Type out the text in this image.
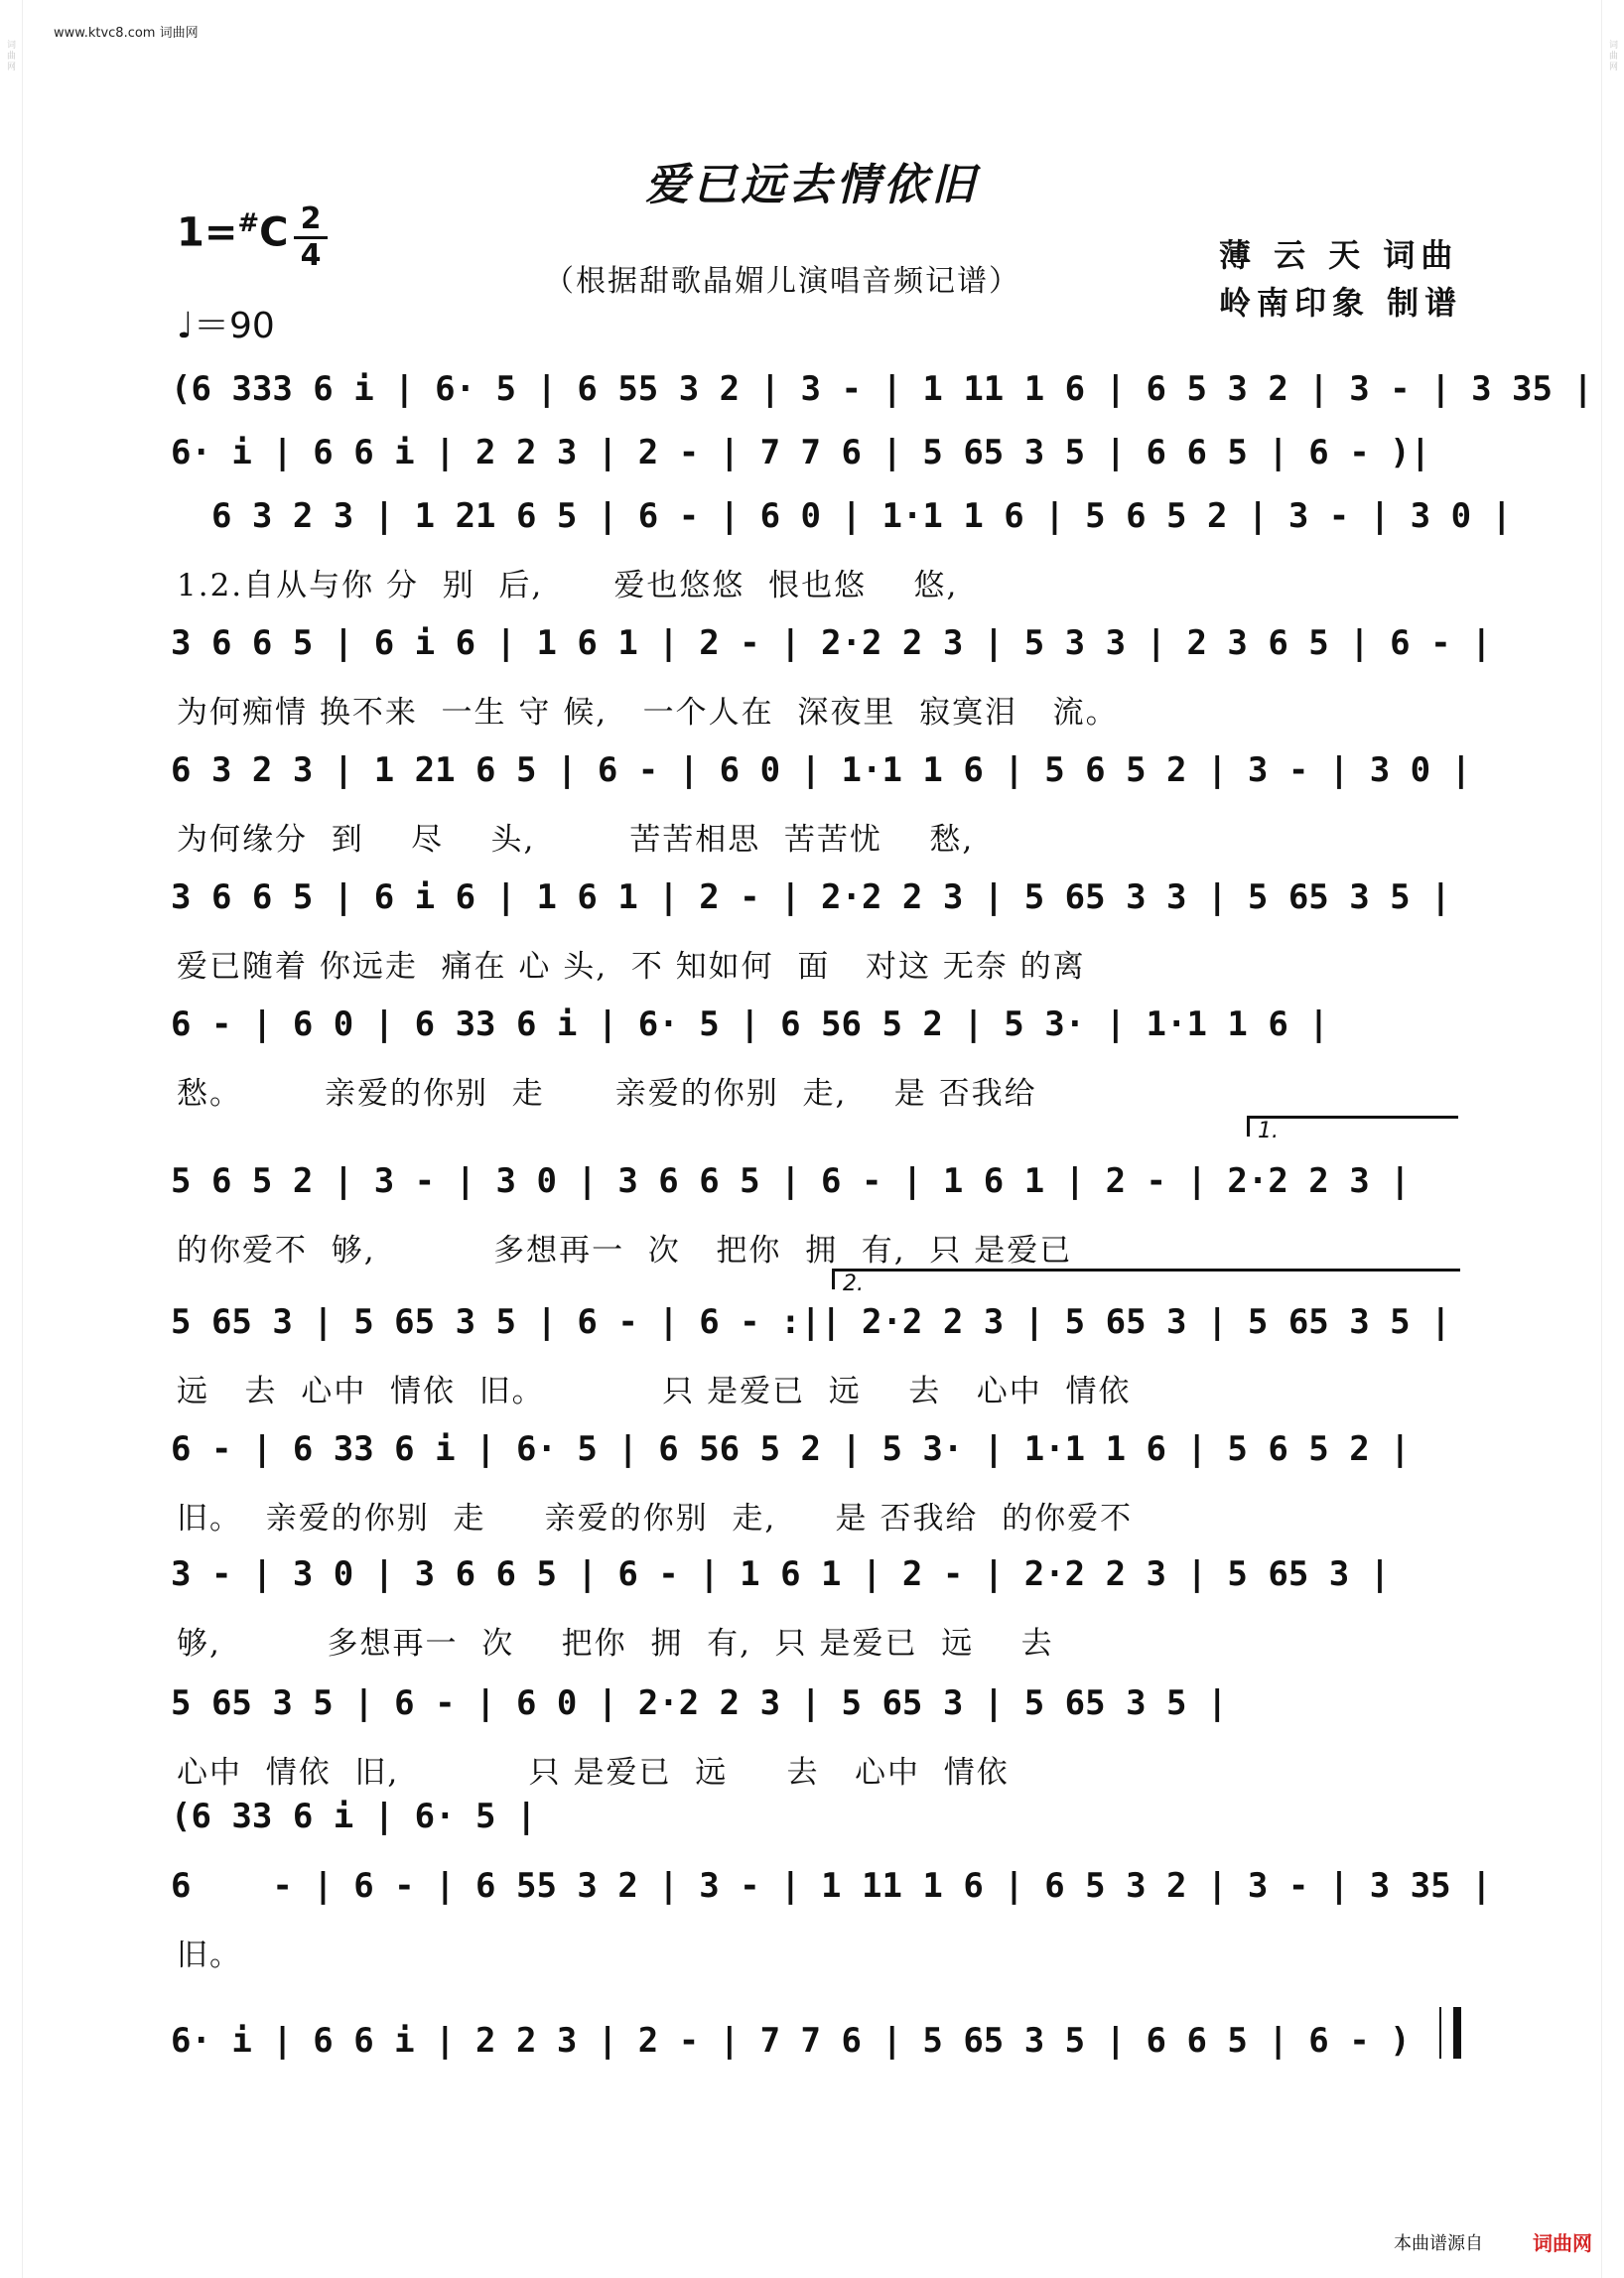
词曲网	词曲网
www.ktvc8.com 词曲网
爱已远去情依旧
1=#C 2
4
♩＝90
（根据甜歌晶媚儿演唱音频记谱）
薄 云 天 词曲
岭南印象 制谱
(6 333 6 i | 6· 5 | 6 55 3 2 | 3 - | 1 11 1 6 | 6 5 3 2 | 3 - | 3 35 |
6· i | 6 6 i | 2 2 3 | 2 - | 7 7 6 | 5 65 3 5 | 6 6 5 | 6 - )|
6 3 2 3 | 1 21 6 5 | 6 - | 6 0 | 1·1 1 6 | 5 6 5 2 | 3 - | 3 0 |
1.2.自从与你 分  别  后,      爱也悠悠  恨也悠    悠,
3 6 6 5 | 6 i 6 | 1 6 1 | 2 - | 2·2 2 3 | 5 3 3 | 2 3 6 5 | 6 - |
为何痴情 换不来  一生 守 候,   一个人在  深夜里  寂寞泪   流。
6 3 2 3 | 1 21 6 5 | 6 - | 6 0 | 1·1 1 6 | 5 6 5 2 | 3 - | 3 0 |
为何缘分  到    尽    头,        苦苦相思  苦苦忧    愁,
3 6 6 5 | 6 i 6 | 1 6 1 | 2 - | 2·2 2 3 | 5 65 3 3 | 5 65 3 5 |
爱已随着 你远走  痛在 心 头,  不 知如何  面   对这 无奈 的离
6 - | 6 0 | 6 33 6 i | 6· 5 | 6 56 5 2 | 5 3· | 1·1 1 6 |
愁。       亲爱的你别  走      亲爱的你别  走,    是 否我给
5 6 5 2 | 3 - | 3 0 | 3 6 6 5 | 6 - | 1 6 1 | 2 - | 2·2 2 3 |
的你爱不  够,          多想再一  次   把你  拥  有,  只 是爱已
5 65 3 | 5 65 3 5 | 6 - | 6 - :|| 2·2 2 3 | 5 65 3 | 5 65 3 5 |
远   去  心中  情依  旧。          只 是爱已  远    去   心中  情依
6 - | 6 33 6 i | 6· 5 | 6 56 5 2 | 5 3· | 1·1 1 6 | 5 6 5 2 |
旧。  亲爱的你别  走     亲爱的你别  走,     是 否我给  的你爱不
3 - | 3 0 | 3 6 6 5 | 6 - | 1 6 1 | 2 - | 2·2 2 3 | 5 65 3 |
够,         多想再一  次    把你  拥  有,  只 是爱已  远    去
5 65 3 5 | 6 - | 6 0 | 2·2 2 3 | 5 65 3 | 5 65 3 5 |
心中  情依  旧,           只 是爱已  远     去   心中  情依
(6 33 6 i | 6· 5 |
6    - | 6 - | 6 55 3 2 | 3 - | 1 11 1 6 | 6 5 3 2 | 3 - | 3 35 |
旧。
6· i | 6 6 i | 2 2 3 | 2 - | 7 7 6 | 5 65 3 5 | 6 6 5 | 6 - )
1.
2.
本曲谱源自	词曲网
